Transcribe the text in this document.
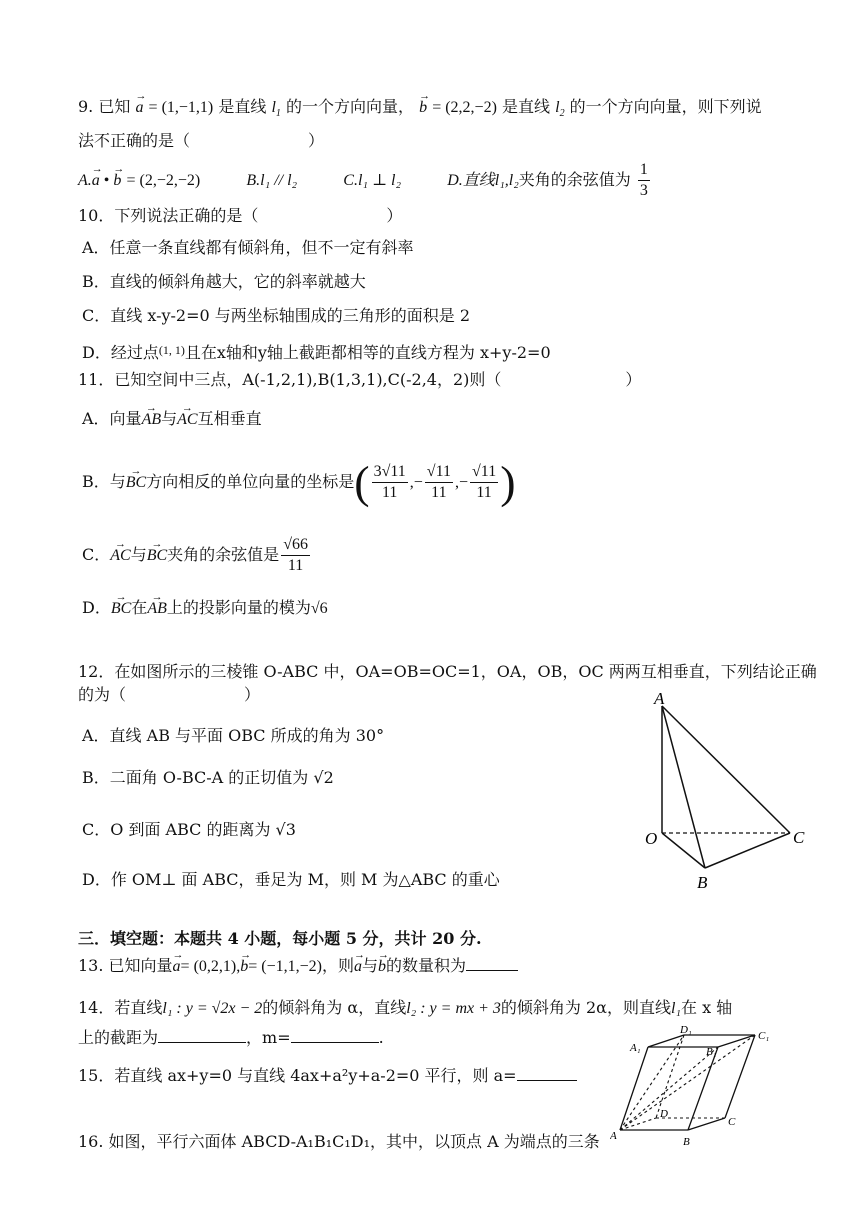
9. 已知 → a = (1,−1,1) 是直线 $l_1$ 的一个方向向量， → b = (2,2,−2) 是直线 $l_2$ 的一个方向向量，则下列说
法不正确的是（	）
A.→ a • → b = (2,−2,−2)	B.l₁ // l₂	C.l₁ ⊥ l₂	D.直线l₁,l₂夹角的余弦值为 $\frac{1}{3}$
10．下列说法正确的是（	）
A．任意一条直线都有倾斜角，但不一定有斜率
B．直线的倾斜角越大，它的斜率就越大
C．直线 x-y-2=0 与两坐标轴围成的三角形的面积是 2
D．经过点$^{(1, 1)}$且在x轴和y轴上截距都相等的直线方程为 x+y-2=0
11．已知空间中三点，A(-1,2,1),B(1,3,1),C(-2,4，2)则（	）
A．向量→ AB与→ AC互相垂直
B．与→ BC方向相反的单位向量的坐标是( $\frac{3√11}{11}$ ,− $\frac{√11}{11}$ ,− $\frac{√11}{11}$ )
C．→ AC与→ BC夹角的余弦值是 $\frac{√66}{11}$
D．→ BC在→ AB上的投影向量的模为√6
12．在如图所示的三棱锥 O-ABC 中，OA=OB=OC=1，OA，OB，OC 两两互相垂直，下列结论正确
的为（	）
A．直线 AB 与平面 OBC 所成的角为 30°
B．二面角 O-BC-A 的正切值为 √2
C．O 到面 ABC 的距离为 √3
D．作 OM⊥ 面 ABC，垂足为 M，则 M 为△ABC 的重心
A
O	C
B
三．填空题：本题共 4 小题，每小题 5 分，共计 20 分.
13. 已知向量→ a= (0,2,1),→ b= (−1,1,−2)，则→ a与→ b的数量积为
14．若直线l₁ : y = √2x − 2的倾斜角为 α，直线l₂ : y = mx + 3的倾斜角为 2α，则直线l₁在 x 轴
上的截距为	，m=	.
15．若直线 ax+y=0 与直线 4ax+a²y+a-2=0 平行，则 a=
16. 如图，平行六面体 ABCD-A₁B₁C₁D₁，其中，以顶点 A 为端点的三条
D₁	C₁
A₁	B₁
D
C
A	B
